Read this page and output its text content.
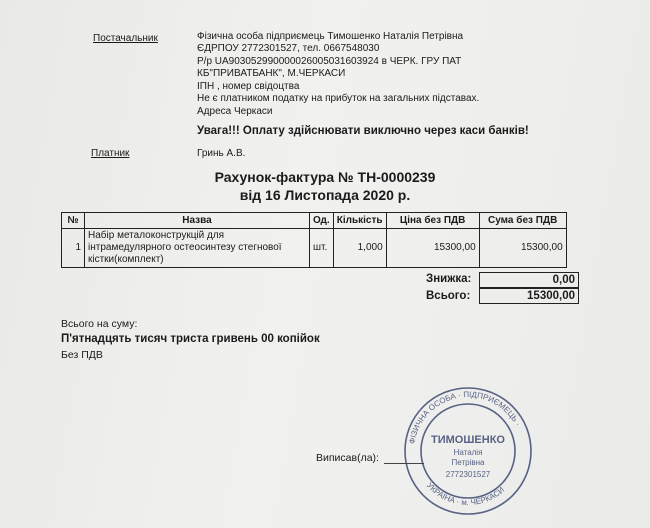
Постачальник	Фізична особа підприємець Тимошенко Наталія Петрівна
ЄДРПОУ 2772301527, тел. 0667548030
Р/р UA903052990000026005031603924 в ЧЕРК. ГРУ ПАТ
КБ"ПРИВАТБАНК", М.ЧЕРКАСИ
ІПН , номер свідоцтва
Не є платником податку на прибуток на загальних підставах.
Адреса Черкаси
Увага!!! Оплату здійснювати виключно через каси банків!
Платник	Гринь А.В.
Рахунок-фактура № ТН-0000239
від 16 Листопада 2020 р.
№	Назва	Од.	Кількість	Ціна без ПДВ	Сума без ПДВ
1	Набір металоконструкцій для
інтрамедулярного остеосинтезу стегнової
кістки(комплект)	шт.	1,000	15300,00	15300,00
Знижка:	0,00
Всього:	15300,00
Всього на суму:
П'ятнадцять тисяч триста гривень 00 копійок
Без ПДВ
Виписав(ла):
ФІЗИЧНА ОСОБА · ПІДПРИЄМЕЦЬ ·
УКРАЇНА · м. ЧЕРКАСИ
ТИМОШЕНКО
Наталія
Петрівна
2772301527
